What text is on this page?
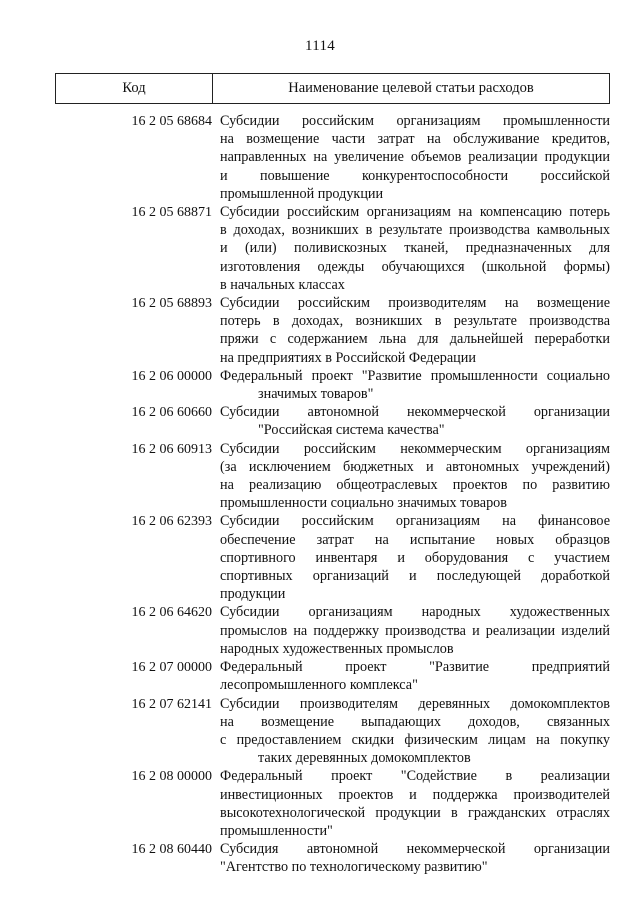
1114
Код	Наименование целевой статьи расходов
16 2 05 68684 Субсидии российским организациям промышленности
на возмещение части затрат на обслуживание кредитов,
направленных на увеличение объемов реализации продукции
и повышение конкурентоспособности российской
промышленной продукции
16 2 05 68871 Субсидии российским организациям на компенсацию потерь
в доходах, возникших в результате производства камвольных
и (или) поливискозных тканей, предназначенных для
изготовления одежды обучающихся (школьной формы)
в начальных классах
16 2 05 68893 Субсидии российским производителям на возмещение
потерь в доходах, возникших в результате производства
пряжи с содержанием льна для дальнейшей переработки
на предприятиях в Российской Федерации
16 2 06 00000 Федеральный проект "Развитие промышленности социально
значимых товаров"
16 2 06 60660 Субсидии автономной некоммерческой организации
"Российская система качества"
16 2 06 60913 Субсидии российским некоммерческим организациям
(за исключением бюджетных и автономных учреждений)
на реализацию общеотраслевых проектов по развитию
промышленности социально значимых товаров
16 2 06 62393 Субсидии российским организациям на финансовое
обеспечение затрат на испытание новых образцов
спортивного инвентаря и оборудования с участием
спортивных организаций и последующей доработкой
продукции
16 2 06 64620 Субсидии организациям народных художественных
промыслов на поддержку производства и реализации изделий
народных художественных промыслов
16 2 07 00000 Федеральный проект "Развитие предприятий
лесопромышленного комплекса"
16 2 07 62141 Субсидии производителям деревянных домокомплектов
на возмещение выпадающих доходов, связанных
с предоставлением скидки физическим лицам на покупку
таких деревянных домокомплектов
16 2 08 00000 Федеральный проект "Содействие в реализации
инвестиционных проектов и поддержка производителей
высокотехнологической продукции в гражданских отраслях
промышленности"
16 2 08 60440 Субсидия автономной некоммерческой организации
"Агентство по технологическому развитию"
